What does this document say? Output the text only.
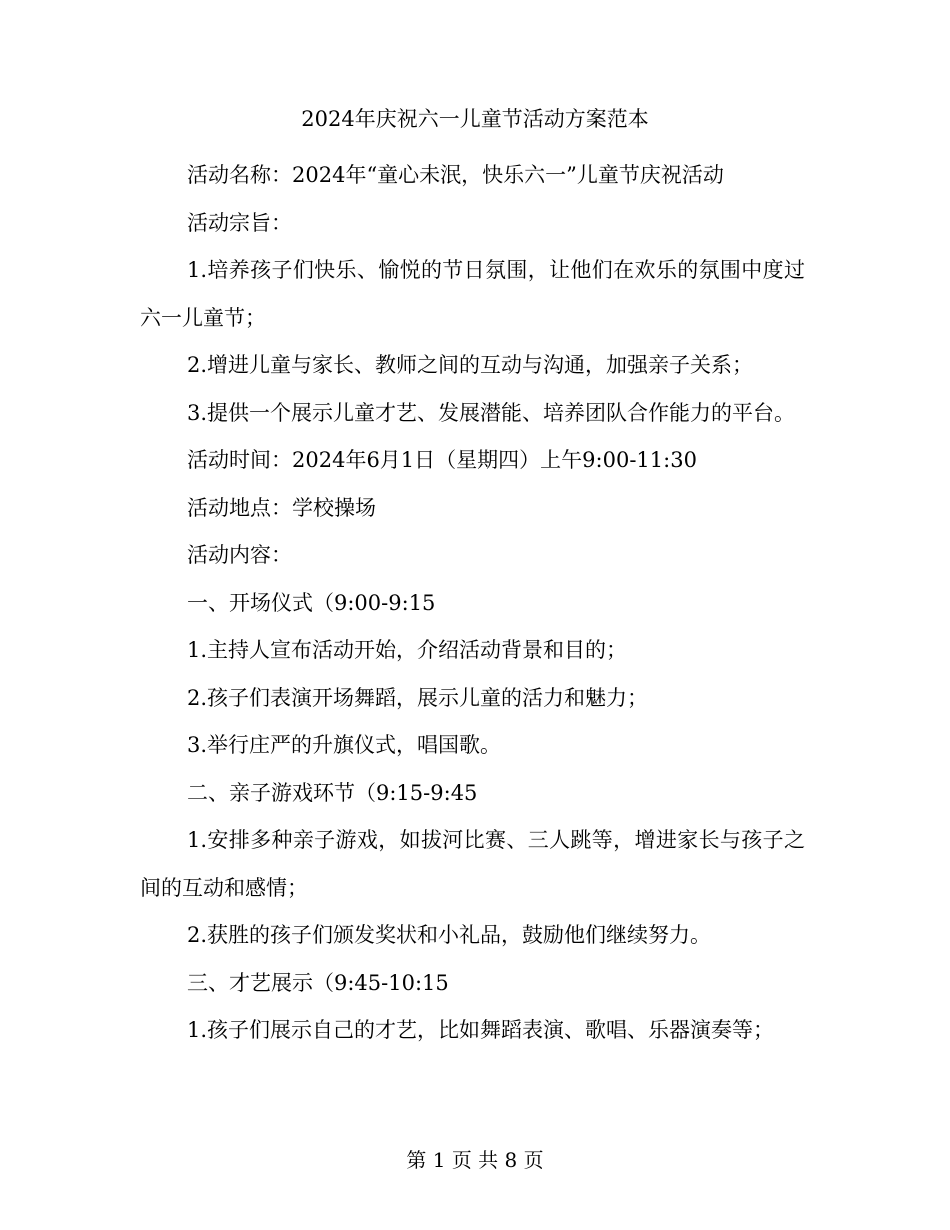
2024年庆祝六一儿童节活动方案范本

活动名称：2024年“童心未泯，快乐六一”儿童节庆祝活动

活动宗旨：

1.培养孩子们快乐、愉悦的节日氛围，让他们在欢乐的氛围中度过六一儿童节；

2.增进儿童与家长、教师之间的互动与沟通，加强亲子关系；

3.提供一个展示儿童才艺、发展潜能、培养团队合作能力的平台。

活动时间：2024年6月1日（星期四）上午9:00-11:30

活动地点：学校操场

活动内容：

一、开场仪式（9:00-9:15

1.主持人宣布活动开始，介绍活动背景和目的；

2.孩子们表演开场舞蹈，展示儿童的活力和魅力；

3.举行庄严的升旗仪式，唱国歌。

二、亲子游戏环节（9:15-9:45

1.安排多种亲子游戏，如拔河比赛、三人跳等，增进家长与孩子之间的互动和感情；

2.获胜的孩子们颁发奖状和小礼品，鼓励他们继续努力。

三、才艺展示（9:45-10:15

1.孩子们展示自己的才艺，比如舞蹈表演、歌唱、乐器演奏等；

第 1 页 共 8 页
